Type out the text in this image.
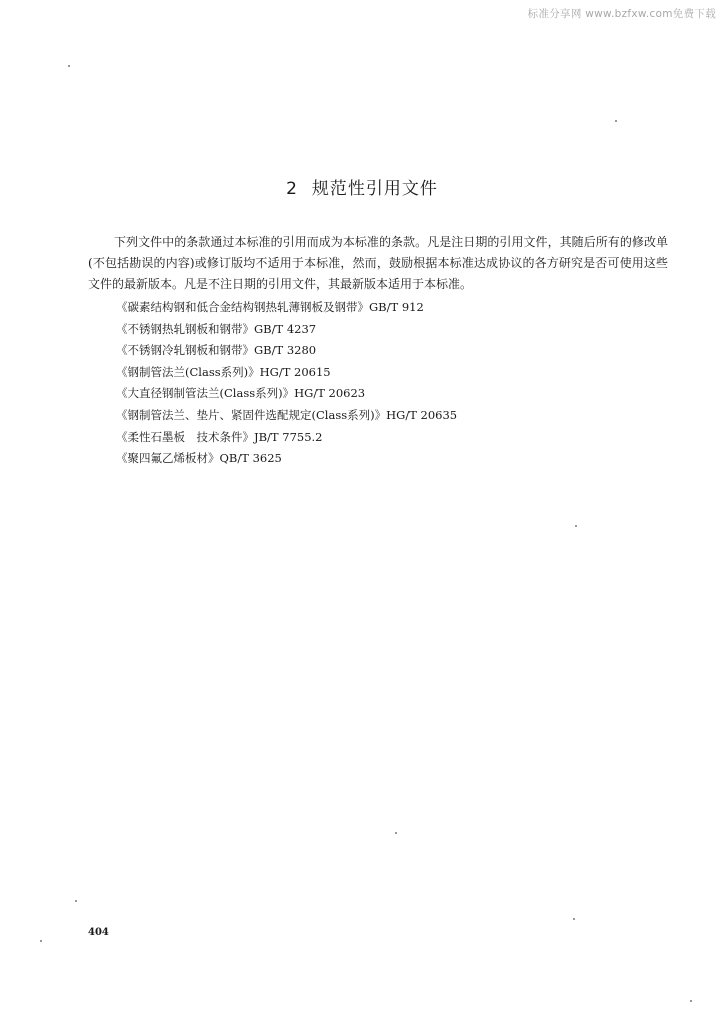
标准分享网 www.bzfxw.com免费下载
2 规范性引用文件

下列文件中的条款通过本标准的引用而成为本标准的条款。凡是注日期的引用文件，其随后所有的修改单(不包括勘误的内容)或修订版均不适用于本标准，然而，鼓励根据本标准达成协议的各方研究是否可使用这些文件的最新版本。凡是不注日期的引用文件，其最新版本适用于本标准。

《碳素结构钢和低合金结构钢热轧薄钢板及钢带》GB/T 912
《不锈钢热轧钢板和钢带》GB/T 4237
《不锈钢冷轧钢板和钢带》GB/T 3280
《钢制管法兰(Class系列)》HG/T 20615
《大直径钢制管法兰(Class系列)》HG/T 20623
《钢制管法兰、垫片、紧固件选配规定(Class系列)》HG/T 20635
《柔性石墨板　技术条件》JB/T 7755.2
《聚四氟乙烯板材》QB/T 3625
404
